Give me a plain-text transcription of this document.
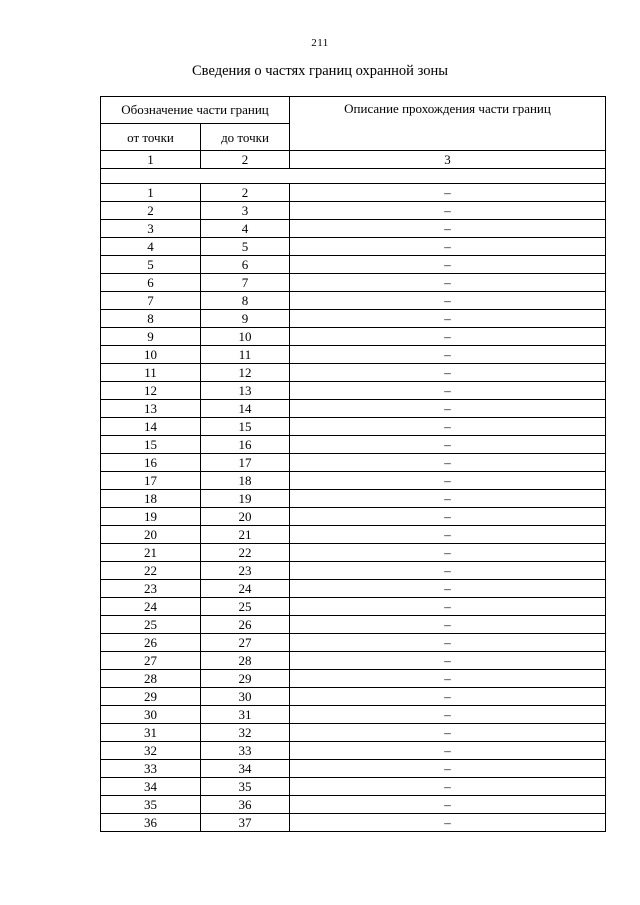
211
Сведения о частях границ охранной зоны
Обозначение части границ		Описание прохождения части границ
от точки	до точки	
1	2	3

1	2	–
2	3	–
3	4	–
4	5	–
5	6	–
6	7	–
7	8	–
8	9	–
9	10	–
10	11	–
11	12	–
12	13	–
13	14	–
14	15	–
15	16	–
16	17	–
17	18	–
18	19	–
19	20	–
20	21	–
21	22	–
22	23	–
23	24	–
24	25	–
25	26	–
26	27	–
27	28	–
28	29	–
29	30	–
30	31	–
31	32	–
32	33	–
33	34	–
34	35	–
35	36	–
36	37	–
